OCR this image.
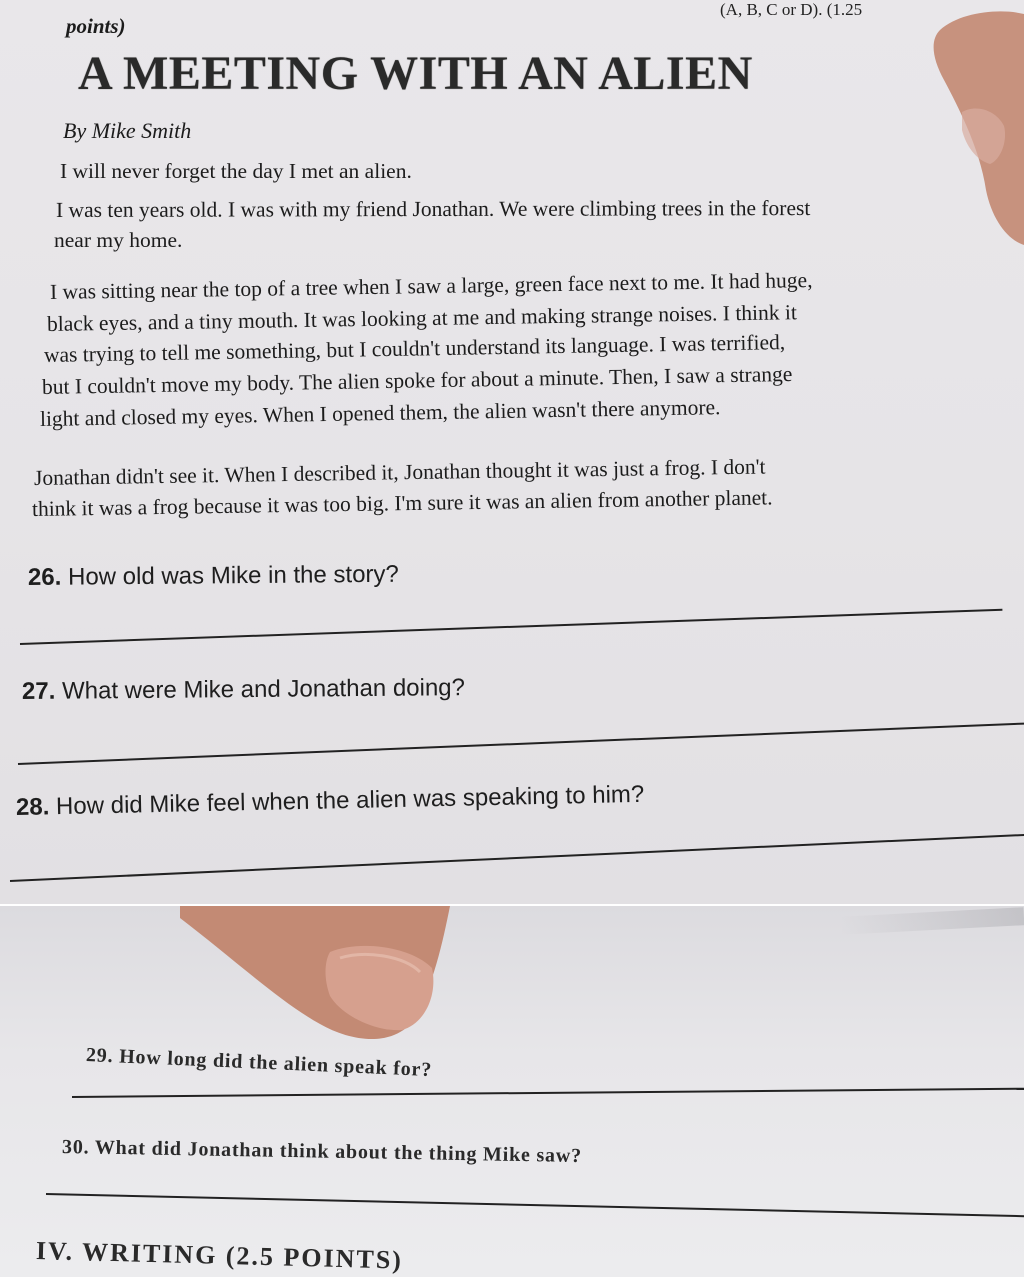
(A, B, C or D). (1.25
points)
A MEETING WITH AN ALIEN
By Mike Smith
I will never forget the day I met an alien.
I was ten years old. I was with my friend Jonathan. We were climbing trees in the forest
near my home.
I was sitting near the top of a tree when I saw a large, green face next to me. It had huge,
black eyes, and a tiny mouth. It was looking at me and making strange noises. I think it
was trying to tell me something, but I couldn't understand its language. I was terrified,
but I couldn't move my body. The alien spoke for about a minute. Then, I saw a strange
light and closed my eyes. When I opened them, the alien wasn't there anymore.
Jonathan didn't see it. When I described it, Jonathan thought it was just a frog. I don't
think it was a frog because it was too big. I'm sure it was an alien from another planet.
26. How old was Mike in the story?
27. What were Mike and Jonathan doing?
28. How did Mike feel when the alien was speaking to him?
29. How long did the alien speak for?
30. What did Jonathan think about the thing Mike saw?
IV. WRITING (2.5 POINTS)
